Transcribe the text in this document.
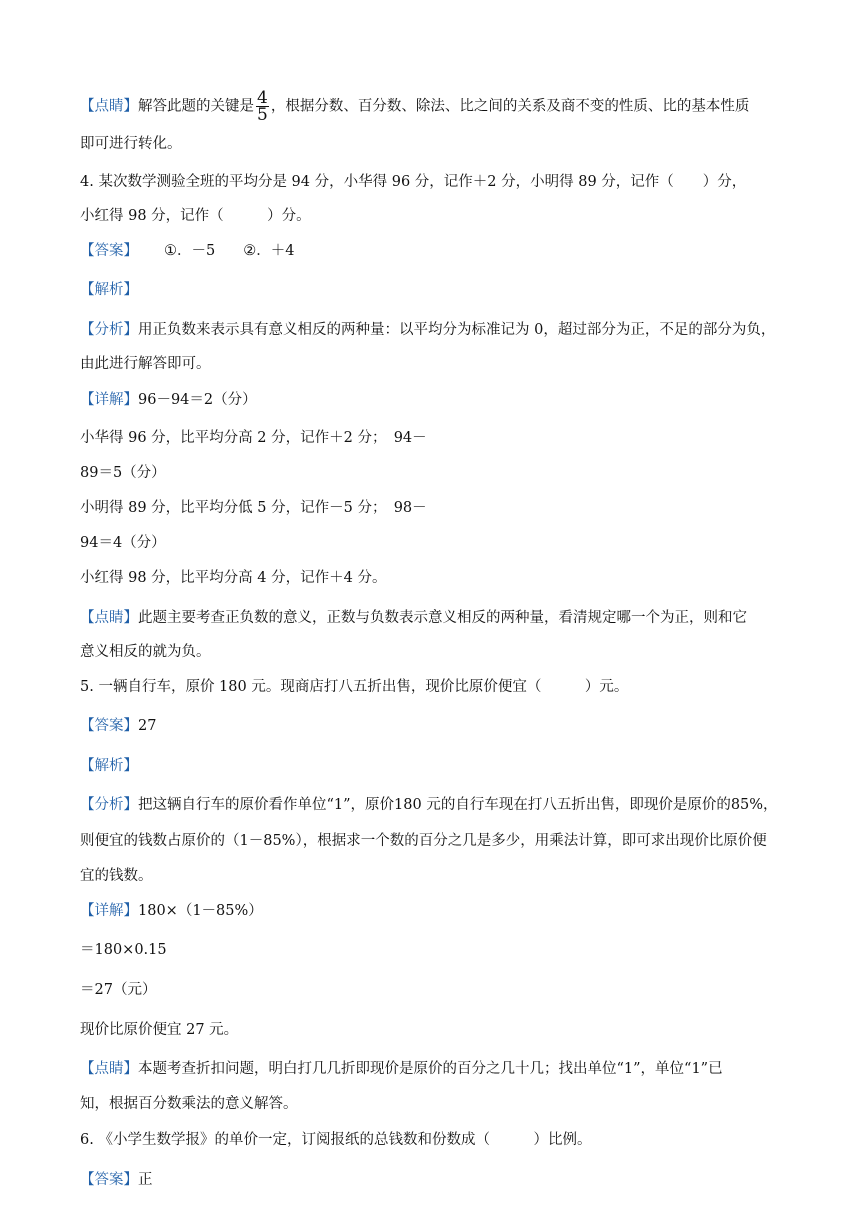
【点睛】解答此题的关键是 $\frac{4}{5}$ ，根据分数、百分数、除法、比之间的关系及商不变的性质、比的基本性质
即可进行转化。
4. 某次数学测验全班的平均分是 94 分，小华得 96 分，记作＋2 分，小明得 89 分，记作（　　）分，
小红得 98 分，记作（　　　）分。
【答案】 ①．－5 ②．＋4
【解析】
【分析】用正负数来表示具有意义相反的两种量：以平均分为标准记为 0，超过部分为正，不足的部分为负，
由此进行解答即可。
【详解】96－94＝2（分）
小华得 96 分，比平均分高 2 分，记作＋2 分；　94－
89＝5（分）
小明得 89 分，比平均分低 5 分，记作－5 分；　98－
94＝4（分）
小红得 98 分，比平均分高 4 分，记作＋4 分。
【点睛】此题主要考查正负数的意义，正数与负数表示意义相反的两种量，看清规定哪一个为正，则和它
意义相反的就为负。
5. 一辆自行车，原价 180 元。现商店打八五折出售，现价比原价便宜（　　　）元。
【答案】27
【解析】
【分析】把这辆自行车的原价看作单位“1”，原价180 元的自行车现在打八五折出售，即现价是原价的85%，
则便宜的钱数占原价的（1－85%），根据求一个数的百分之几是多少，用乘法计算，即可求出现价比原价便
宜的钱数。
【详解】180×（1－85%）
＝180×0.15
＝27（元）
现价比原价便宜 27 元。
【点睛】本题考查折扣问题，明白打几几折即现价是原价的百分之几十几；找出单位“1”，单位“1”已
知，根据百分数乘法的意义解答。
6. 《小学生数学报》的单价一定，订阅报纸的总钱数和份数成（　　　）比例。
【答案】正
